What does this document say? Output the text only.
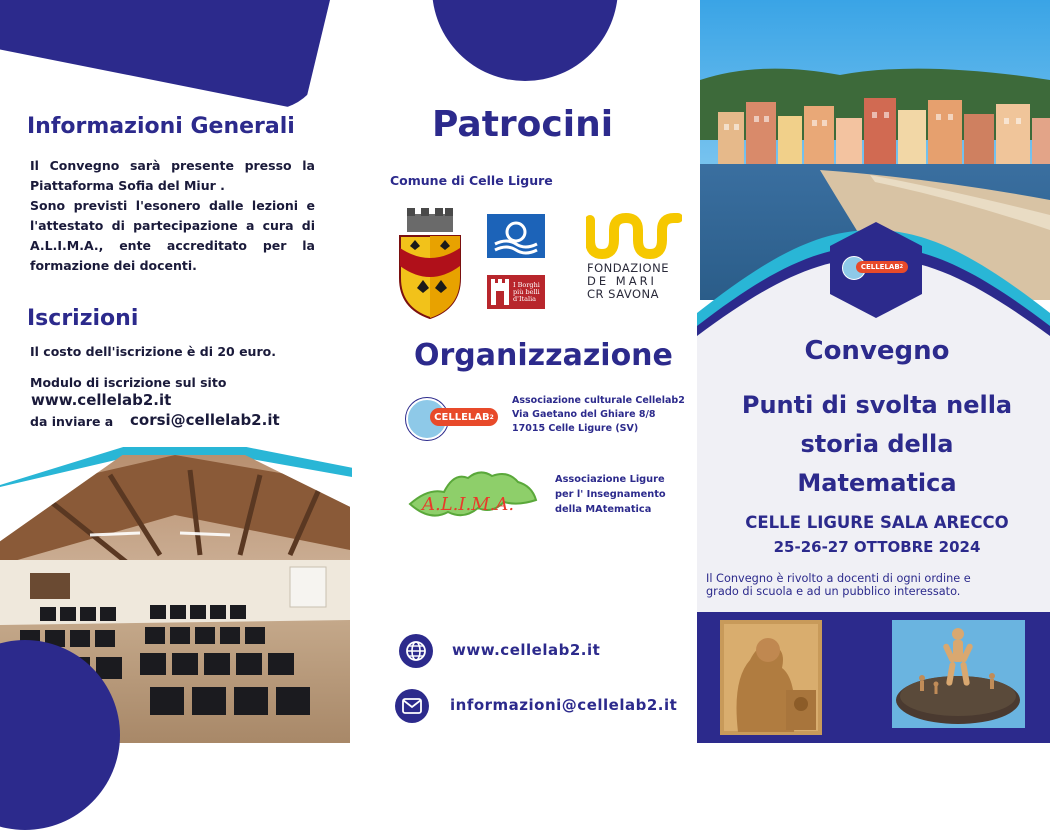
Informazioni Generali
Il Convegno sarà presente presso la
Piattaforma Sofia del Miur .
Sono previsti l'esonero dalle lezioni e
l'attestato di partecipazione a cura di
A.L.I.M.A., ente accreditato per la
formazione dei docenti.
Iscrizioni
Il costo dell'iscrizione è di 20 euro.
Modulo di iscrizione sul sito
www.cellelab2.it
da inviare a corsi@cellelab2.it
Patrocini
Comune di Celle Ligure
I Borghi
più belli
d'Italia
FONDAZIONE
DE MARI
CR SAVONA
Organizzazione
CELLELAB 2
Associazione culturale Cellelab2
Via Gaetano del Ghiare 8/8
17015 Celle Ligure (SV)
A.L.I.M.A.
Associazione Ligure
per l' Insegnamento
della MAtematica
www.cellelab2.it
informazioni@cellelab2.it
CELLELAB 2
Convegno
Punti di svolta nella
storia della
Matematica
CELLE LIGURE SALA ARECCO
25-26-27 OTTOBRE 2024
Il Convegno è rivolto a docenti di ogni ordine e
grado di scuola e ad un pubblico interessato.
